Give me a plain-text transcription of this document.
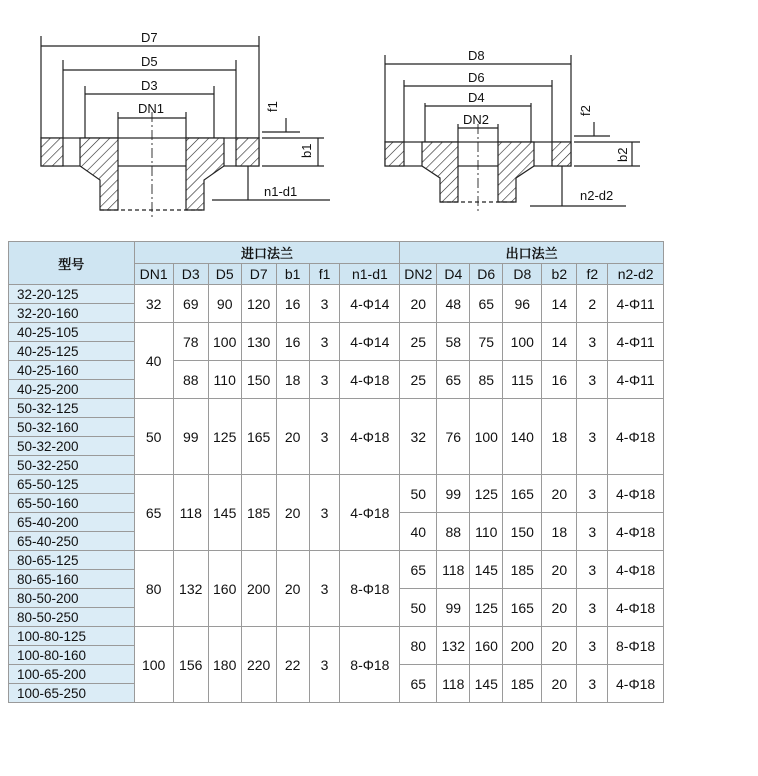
D7
D5
D3
DN1	f1
b1
n1-d1
D8
D6
D4
DN2
f2
b2
n2-d2
型号	进口法兰							出口法兰						
	DN1	D3	D5	D7	b1	f1	n1-d1	DN2	D4	D6	D8	b2	f2	n2-d2
32-20-125	32	69	90	120	16	3	4-Φ14	20	48	65	96	14	2	4-Φ11
32-20-160														
40-25-105	40	78	100	130	16	3	4-Φ14	25	58	75	100	14	3	4-Φ11
40-25-125														
40-25-160		88	110	150	18	3	4-Φ18	25	65	85	115	16	3	4-Φ11
40-25-200														
50-32-125	50	99	125	165	20	3	4-Φ18	32	76	100	140	18	3	4-Φ18
50-32-160														
50-32-200														
50-32-250														
65-50-125	65	118	145	185	20	3	4-Φ18	50	99	125	165	20	3	4-Φ18
65-50-160														
65-40-200								40	88	110	150	18	3	4-Φ18
65-40-250														
80-65-125	80	132	160	200	20	3	8-Φ18	65	118	145	185	20	3	4-Φ18
80-65-160														
80-50-200								50	99	125	165	20	3	4-Φ18
80-50-250														
100-80-125	100	156	180	220	22	3	8-Φ18	80	132	160	200	20	3	8-Φ18
100-80-160														
100-65-200								65	118	145	185	20	3	4-Φ18
100-65-250														
